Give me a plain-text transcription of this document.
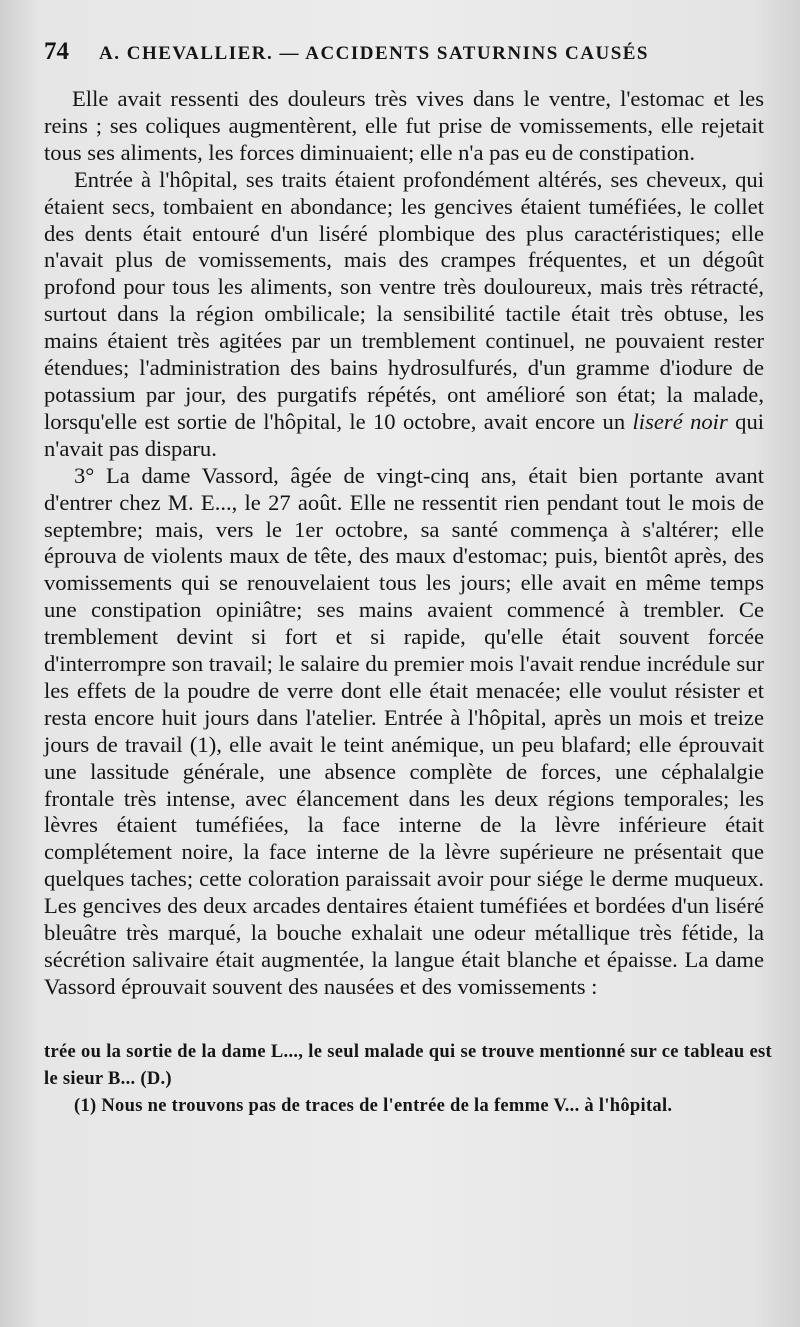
74 A. CHEVALLIER. — ACCIDENTS SATURNINS CAUSÉS

Elle avait ressenti des douleurs très vives dans le ventre, l'estomac et les reins ; ses coliques augmentèrent, elle fut prise de vomissements, elle rejetait tous ses aliments, les forces diminuaient; elle n'a pas eu de constipation.

Entrée à l'hôpital, ses traits étaient profondément altérés, ses cheveux, qui étaient secs, tombaient en abondance; les gencives étaient tuméfiées, le collet des dents était entouré d'un liséré plombique des plus caractéristiques; elle n'avait plus de vomissements, mais des crampes fréquentes, et un dégoût profond pour tous les aliments, son ventre très douloureux, mais très rétracté, surtout dans la région ombilicale; la sensibilité tactile était très obtuse, les mains étaient très agitées par un tremblement continuel, ne pouvaient rester étendues; l'administration des bains hydrosulfurés, d'un gramme d'iodure de potassium par jour, des purgatifs répétés, ont amélioré son état; la malade, lorsqu'elle est sortie de l'hôpital, le 10 octobre, avait encore un liseré noir qui n'avait pas disparu.

3° La dame Vassord, âgée de vingt-cinq ans, était bien portante avant d'entrer chez M. E..., le 27 août. Elle ne ressentit rien pendant tout le mois de septembre; mais, vers le 1er octobre, sa santé commença à s'altérer; elle éprouva de violents maux de tête, des maux d'estomac; puis, bientôt après, des vomissements qui se renouvelaient tous les jours; elle avait en même temps une constipation opiniâtre; ses mains avaient commencé à trembler. Ce tremblement devint si fort et si rapide, qu'elle était souvent forcée d'interrompre son travail; le salaire du premier mois l'avait rendue incrédule sur les effets de la poudre de verre dont elle était menacée; elle voulut résister et resta encore huit jours dans l'atelier. Entrée à l'hôpital, après un mois et treize jours de travail (1), elle avait le teint anémique, un peu blafard; elle éprouvait une lassitude générale, une absence complète de forces, une céphalalgie frontale très intense, avec élancement dans les deux régions temporales; les lèvres étaient tuméfiées, la face interne de la lèvre inférieure était complétement noire, la face interne de la lèvre supérieure ne présentait que quelques taches; cette coloration paraissait avoir pour siége le derme muqueux. Les gencives des deux arcades dentaires étaient tuméfiées et bordées d'un liséré bleuâtre très marqué, la bouche exhalait une odeur métallique très fétide, la sécrétion salivaire était augmentée, la langue était blanche et épaisse. La dame Vassord éprouvait souvent des nausées et des vomissements :

trée ou la sortie de la dame L..., le seul malade qui se trouve mentionné sur ce tableau est le sieur B... (D.)

(1) Nous ne trouvons pas de traces de l'entrée de la femme V... à l'hôpital.
